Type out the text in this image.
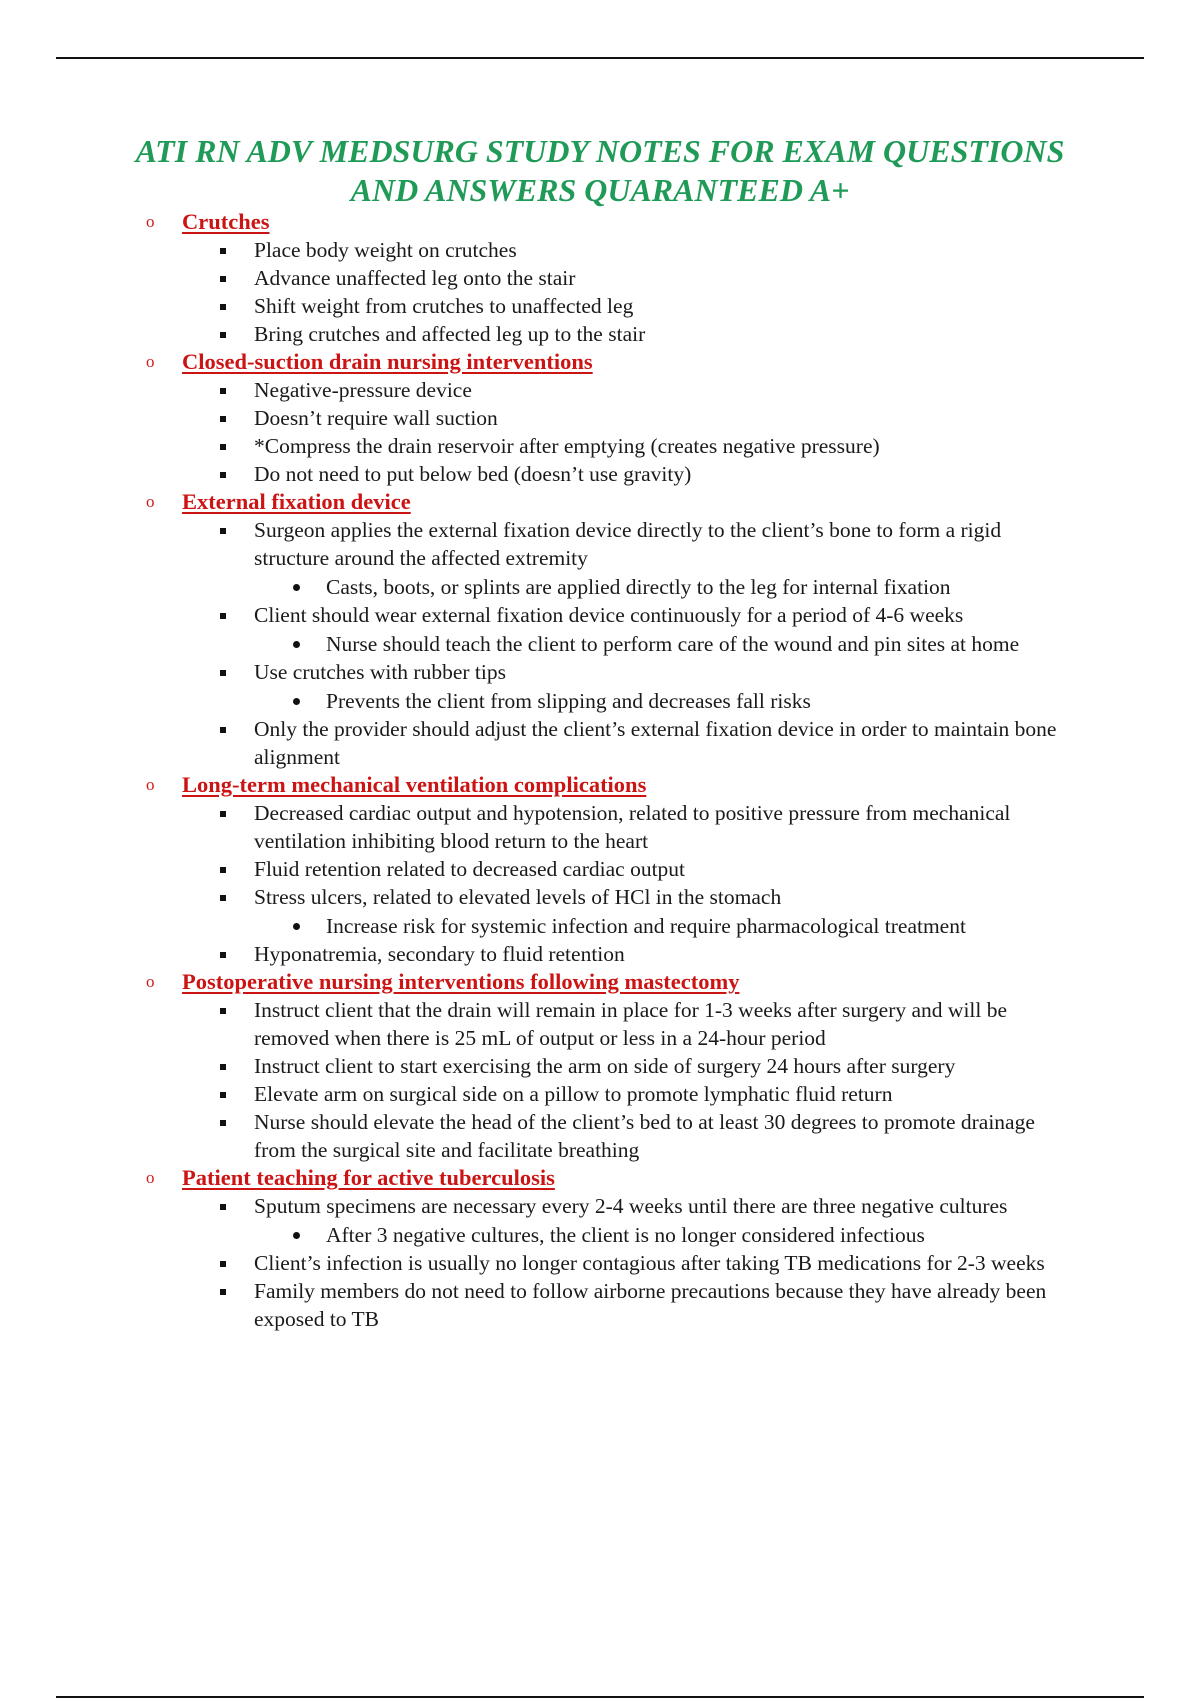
ATI RN ADV MEDSURG STUDY NOTES FOR EXAM QUESTIONS
AND ANSWERS QUARANTEED A+
o Crutches
Place body weight on crutches
Advance unaffected leg onto the stair
Shift weight from crutches to unaffected leg
Bring crutches and affected leg up to the stair
o Closed-suction drain nursing interventions
Negative-pressure device
Doesn’t require wall suction
*Compress the drain reservoir after emptying (creates negative pressure)
Do not need to put below bed (doesn’t use gravity)
o External fixation device
Surgeon applies the external fixation device directly to the client’s bone to form a rigid structure around the affected extremity
Casts, boots, or splints are applied directly to the leg for internal fixation
Client should wear external fixation device continuously for a period of 4-6 weeks
Nurse should teach the client to perform care of the wound and pin sites at home
Use crutches with rubber tips
Prevents the client from slipping and decreases fall risks
Only the provider should adjust the client’s external fixation device in order to maintain bone alignment
o Long-term mechanical ventilation complications
Decreased cardiac output and hypotension, related to positive pressure from mechanical ventilation inhibiting blood return to the heart
Fluid retention related to decreased cardiac output
Stress ulcers, related to elevated levels of HCl in the stomach
Increase risk for systemic infection and require pharmacological treatment
Hyponatremia, secondary to fluid retention
o Postoperative nursing interventions following mastectomy
Instruct client that the drain will remain in place for 1-3 weeks after surgery and will be removed when there is 25 mL of output or less in a 24-hour period
Instruct client to start exercising the arm on side of surgery 24 hours after surgery
Elevate arm on surgical side on a pillow to promote lymphatic fluid return
Nurse should elevate the head of the client’s bed to at least 30 degrees to promote drainage from the surgical site and facilitate breathing
o Patient teaching for active tuberculosis
Sputum specimens are necessary every 2-4 weeks until there are three negative cultures
After 3 negative cultures, the client is no longer considered infectious
Client’s infection is usually no longer contagious after taking TB medications for 2-3 weeks
Family members do not need to follow airborne precautions because they have already been exposed to TB
